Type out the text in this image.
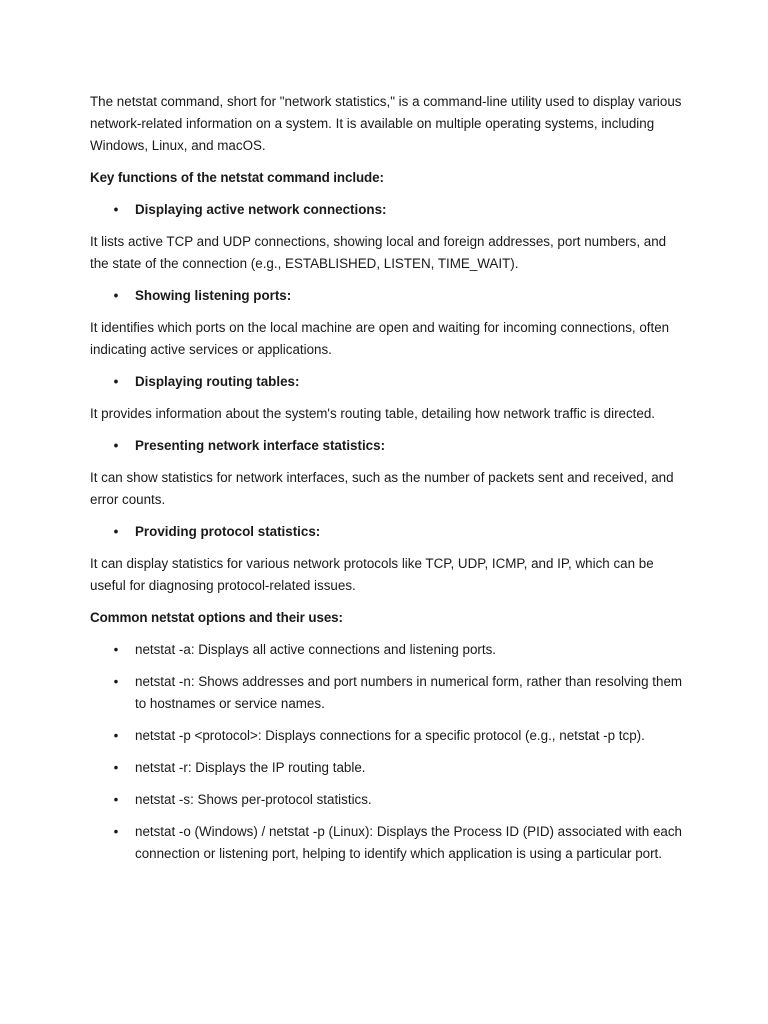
The netstat command, short for "network statistics," is a command-line utility used to display various network-related information on a system. It is available on multiple operating systems, including Windows, Linux, and macOS.

Key functions of the netstat command include:
• Displaying active network connections:

It lists active TCP and UDP connections, showing local and foreign addresses, port numbers, and the state of the connection (e.g., ESTABLISHED, LISTEN, TIME_WAIT).

• Showing listening ports:

It identifies which ports on the local machine are open and waiting for incoming connections, often indicating active services or applications.

• Displaying routing tables:

It provides information about the system's routing table, detailing how network traffic is directed.

• Presenting network interface statistics:

It can show statistics for network interfaces, such as the number of packets sent and received, and error counts.

• Providing protocol statistics:

It can display statistics for various network protocols like TCP, UDP, ICMP, and IP, which can be useful for diagnosing protocol-related issues.

Common netstat options and their uses:
• netstat -a: Displays all active connections and listening ports.
• netstat -n: Shows addresses and port numbers in numerical form, rather than resolving them to hostnames or service names.
• netstat -p <protocol>: Displays connections for a specific protocol (e.g., netstat -p tcp).
• netstat -r: Displays the IP routing table.
• netstat -s: Shows per-protocol statistics.
• netstat -o (Windows) / netstat -p (Linux): Displays the Process ID (PID) associated with each connection or listening port, helping to identify which application is using a particular port.
